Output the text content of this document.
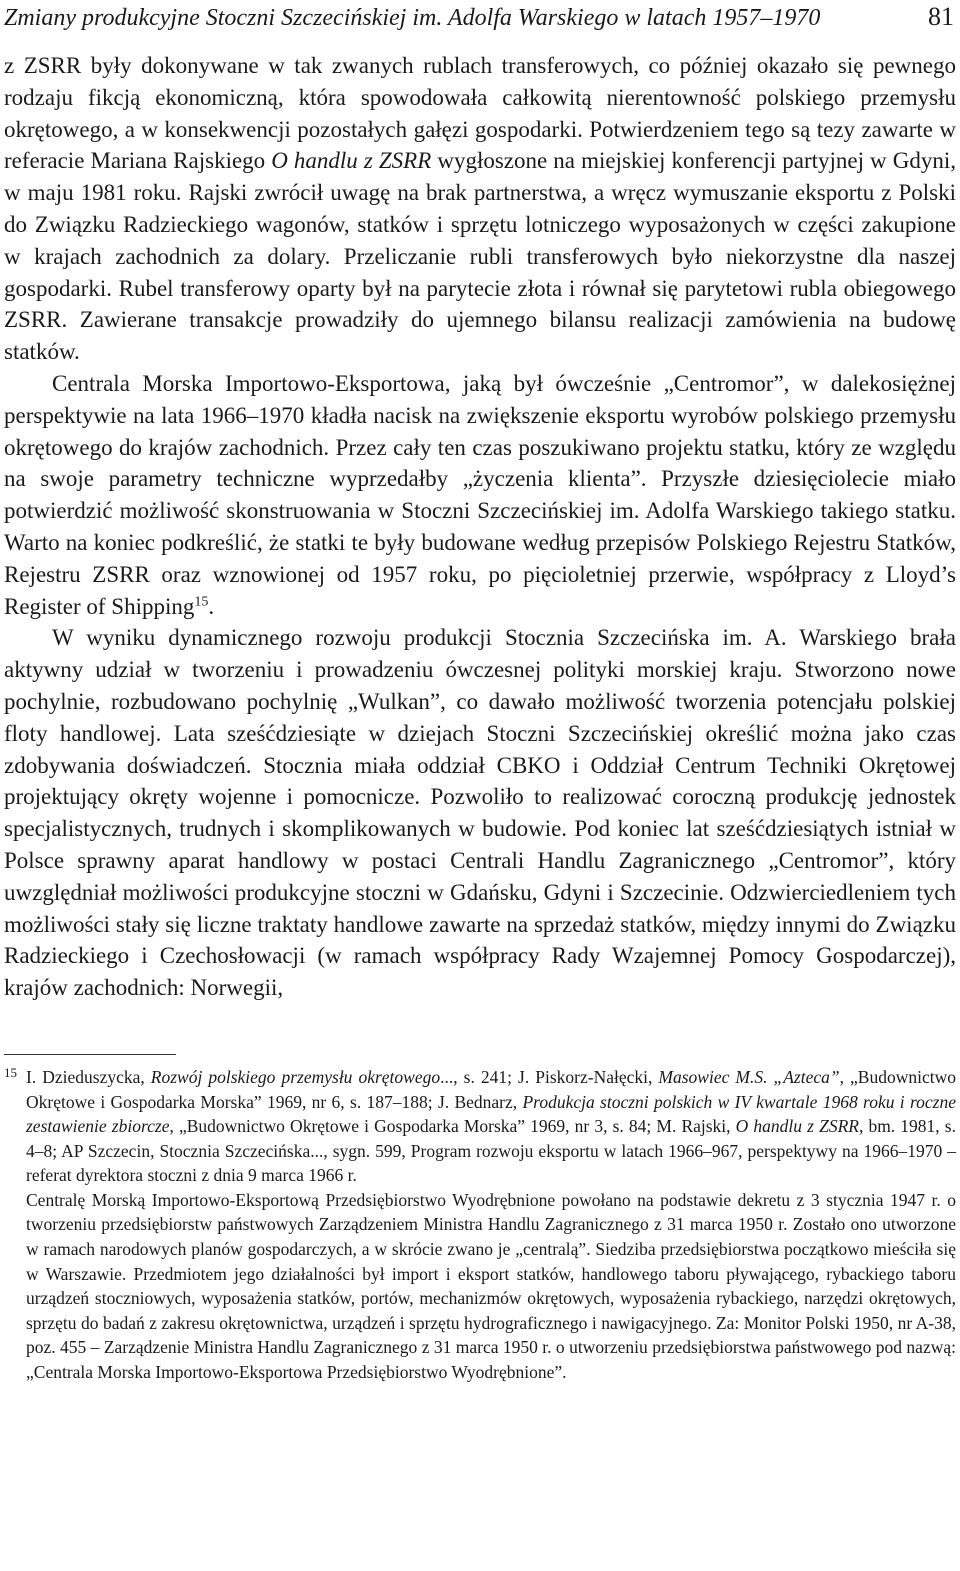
Zmiany produkcyjne Stoczni Szczecińskiej im. Adolfa Warskiego w latach 1957–1970	81

z ZSRR były dokonywane w tak zwanych rublach transferowych, co później okazało się pewnego rodzaju fikcją ekonomiczną, która spowodowała całkowitą nierentowność polskiego przemysłu okrętowego, a w konsekwencji pozostałych gałęzi gospodarki. Potwierdzeniem tego są tezy zawarte w referacie Mariana Rajskiego O handlu z ZSRR wygłoszone na miejskiej konferencji partyjnej w Gdyni, w maju 1981 roku. Rajski zwrócił uwagę na brak partnerstwa, a wręcz wymuszanie eksportu z Polski do Związku Radzieckiego wagonów, statków i sprzętu lotniczego wyposażonych w części zakupione w krajach zachodnich za dolary. Przeliczanie rubli transferowych było niekorzystne dla naszej gospodarki. Rubel transferowy oparty był na parytecie złota i równał się parytetowi rubla obiegowego ZSRR. Zawierane transakcje prowadziły do ujemnego bilansu realizacji zamówienia na budowę statków.

Centrala Morska Importowo-Eksportowa, jaką był ówcześnie „Centromor”, w dalekosiężnej perspektywie na lata 1966–1970 kładła nacisk na zwiększenie eksportu wyrobów polskiego przemysłu okrętowego do krajów zachodnich. Przez cały ten czas poszukiwano projektu statku, który ze względu na swoje parametry techniczne wyprzedałby „życzenia klienta”. Przyszłe dziesięciolecie miało potwierdzić możliwość skonstruowania w Stoczni Szczecińskiej im. Adolfa Warskiego takiego statku. Warto na koniec podkreślić, że statki te były budowane według przepisów Polskiego Rejestru Statków, Rejestru ZSRR oraz wznowionej od 1957 roku, po pięcioletniej przerwie, współpracy z Lloyd’s Register of Shipping$^{15}$.

W wyniku dynamicznego rozwoju produkcji Stocznia Szczecińska im. A. Warskiego brała aktywny udział w tworzeniu i prowadzeniu ówczesnej polityki morskiej kraju. Stworzono nowe pochylnie, rozbudowano pochylnię „Wulkan”, co dawało możliwość tworzenia potencjału polskiej floty handlowej. Lata sześćdziesiąte w dziejach Stoczni Szczecińskiej określić można jako czas zdobywania doświadczeń. Stocznia miała oddział CBKO i Oddział Centrum Techniki Okrętowej projektujący okręty wojenne i pomocnicze. Pozwoliło to realizować coroczną produkcję jednostek specjalistycznych, trudnych i skomplikowanych w budowie. Pod koniec lat sześćdziesiątych istniał w Polsce sprawny aparat handlowy w postaci Centrali Handlu Zagranicznego „Centromor”, który uwzględniał możliwości produkcyjne stoczni w Gdańsku, Gdyni i Szczecinie. Odzwierciedleniem tych możliwości stały się liczne traktaty handlowe zawarte na sprzedaż statków, między innymi do Związku Radzieckiego i Czechosłowacji (w ramach współpracy Rady Wzajemnej Pomocy Gospodarczej), krajów zachodnich: Norwegii,

15 I. Dzieduszycka, Rozwój polskiego przemysłu okrętowego..., s. 241; J. Piskorz-Nałęcki, Masowiec M.S. „Azteca”, „Budownictwo Okrętowe i Gospodarka Morska” 1969, nr 6, s. 187–188; J. Bednarz, Produkcja stoczni polskich w IV kwartale 1968 roku i roczne zestawienie zbiorcze, „Budownictwo Okrętowe i Gospodarka Morska” 1969, nr 3, s. 84; M. Rajski, O handlu z ZSRR, bm. 1981, s. 4–8; AP Szczecin, Stocznia Szczecińska..., sygn. 599, Program rozwoju eksportu w latach 1966–967, perspektywy na 1966–1970 – referat dyrektora stoczni z dnia 9 marca 1966 r.

Centralę Morską Importowo-Eksportową Przedsiębiorstwo Wyodrębnione powołano na podstawie dekretu z 3 stycznia 1947 r. o tworzeniu przedsiębiorstw państwowych Zarządzeniem Ministra Handlu Zagranicznego z 31 marca 1950 r. Zostało ono utworzone w ramach narodowych planów gospodarczych, a w skrócie zwano je „centralą”. Siedziba przedsiębiorstwa początkowo mieściła się w Warszawie. Przedmiotem jego działalności był import i eksport statków, handlowego taboru pływającego, rybackiego taboru urządzeń stoczniowych, wyposażenia statków, portów, mechanizmów okrętowych, wyposażenia rybackiego, narzędzi okrętowych, sprzętu do badań z zakresu okrętownictwa, urządzeń i sprzętu hydrograficznego i nawigacyjnego. Za: Monitor Polski 1950, nr A-38, poz. 455 – Zarządzenie Ministra Handlu Zagranicznego z 31 marca 1950 r. o utworzeniu przedsiębiorstwa państwowego pod nazwą: „Centrala Morska Importowo-Eksportowa Przedsiębiorstwo Wyodrębnione”.
